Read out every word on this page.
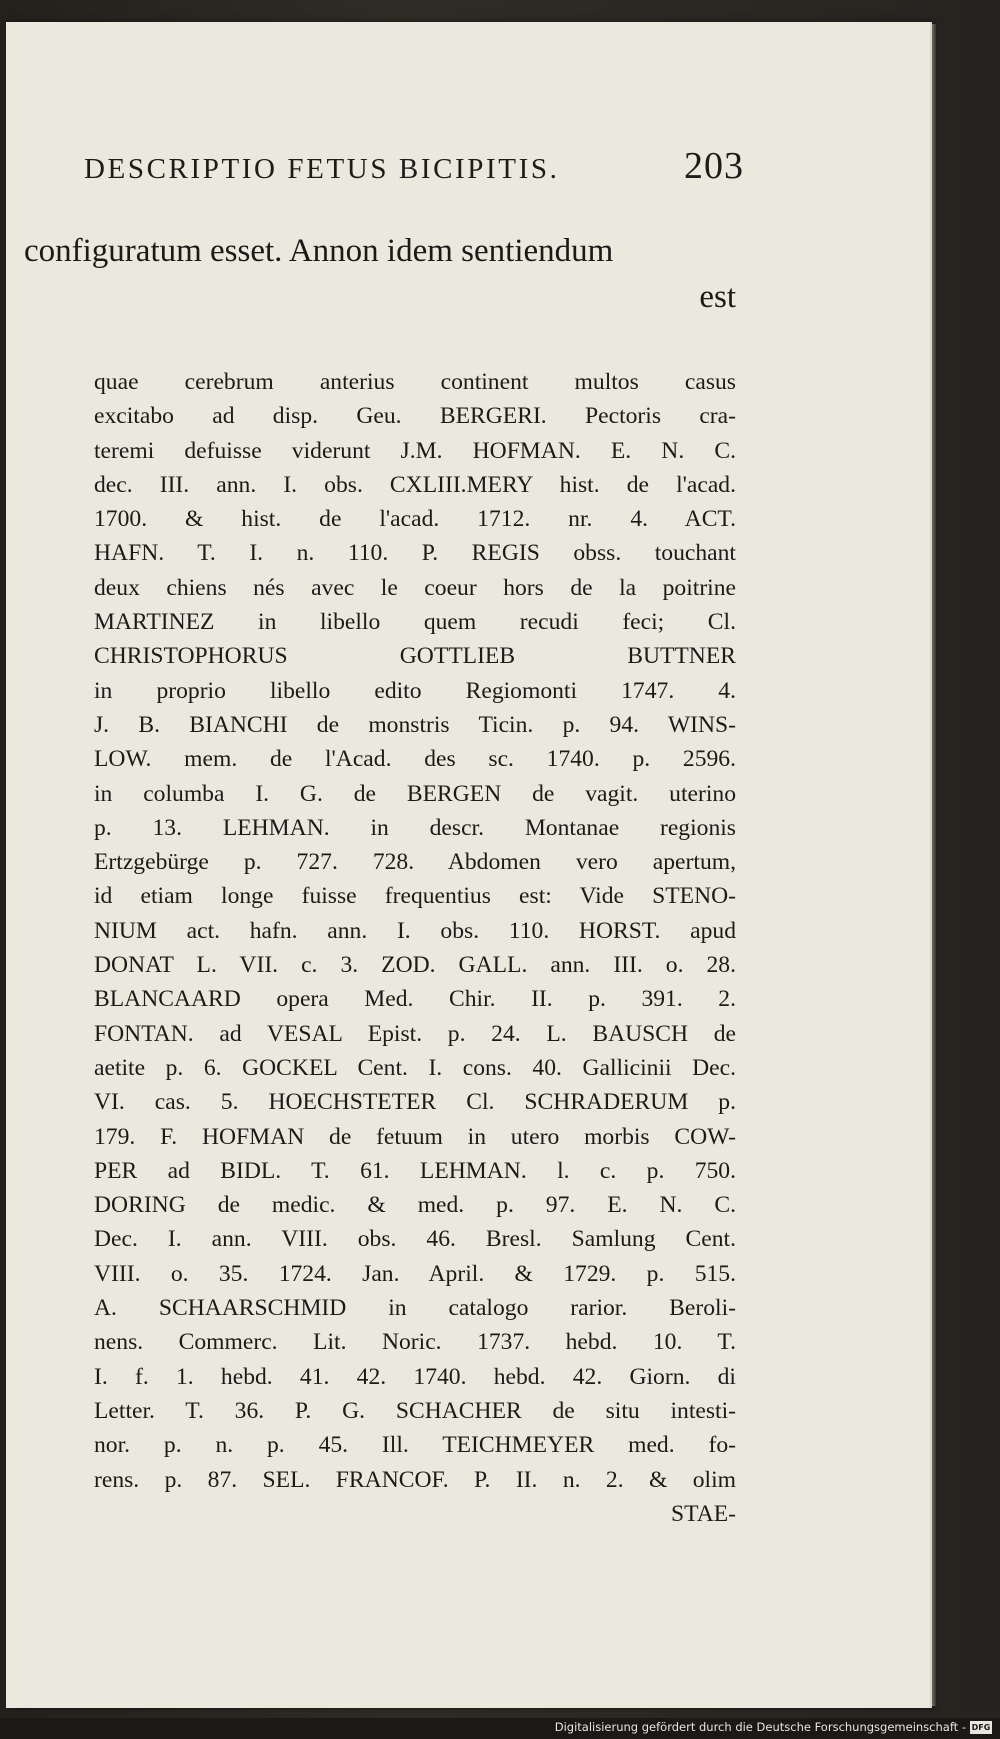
DESCRIPTIO FETUS BICIPITIS.	203
configuratum esset. Annon idem sentiendum
est
quae cerebrum anterius continent multos casus
excitabo ad disp. Geu. BERGERI. Pectoris cra-
teremi defuisse viderunt J.M. HOFMAN. E. N. C.
dec. III. ann. I. obs. CXLIII.MERY hist. de l'acad.
1700. & hist. de l'acad. 1712. nr. 4. ACT.
HAFN. T. I. n. 110. P. REGIS obss. touchant
deux chiens nés avec le coeur hors de la poitrine
MARTINEZ in libello quem recudi feci; Cl.
CHRISTOPHORUS GOTTLIEB BUTTNER
in proprio libello edito Regiomonti 1747. 4.
J. B. BIANCHI de monstris Ticin. p. 94. WINS-
LOW. mem. de l'Acad. des sc. 1740. p. 2596.
in columba I. G. de BERGEN de vagit. uterino
p. 13. LEHMAN. in descr. Montanae regionis
Ertzgebürge p. 727. 728. Abdomen vero apertum,
id etiam longe fuisse frequentius est: Vide STENO-
NIUM act. hafn. ann. I. obs. 110. HORST. apud
DONAT L. VII. c. 3. ZOD. GALL. ann. III. o. 28.
BLANCAARD opera Med. Chir. II. p. 391. 2.
FONTAN. ad VESAL Epist. p. 24. L. BAUSCH de
aetite p. 6. GOCKEL Cent. I. cons. 40. Gallicinii Dec.
VI. cas. 5. HOECHSTETER Cl. SCHRADERUM p.
179. F. HOFMAN de fetuum in utero morbis COW-
PER ad BIDL. T. 61. LEHMAN. l. c. p. 750.
DORING de medic. & med. p. 97. E. N. C.
Dec. I. ann. VIII. obs. 46. Bresl. Samlung Cent.
VIII. o. 35. 1724. Jan. April. & 1729. p. 515.
A. SCHAARSCHMID in catalogo rarior. Beroli-
nens. Commerc. Lit. Noric. 1737. hebd. 10. T.
I. f. 1. hebd. 41. 42. 1740. hebd. 42. Giorn. di
Letter. T. 36. P. G. SCHACHER de situ intesti-
nor. p. n. p. 45. Ill. TEICHMEYER med. fo-
rens. p. 87. SEL. FRANCOF. P. II. n. 2. & olim
STAE-
Digitalisierung gefördert durch die Deutsche Forschungsgemeinschaft - DFG
